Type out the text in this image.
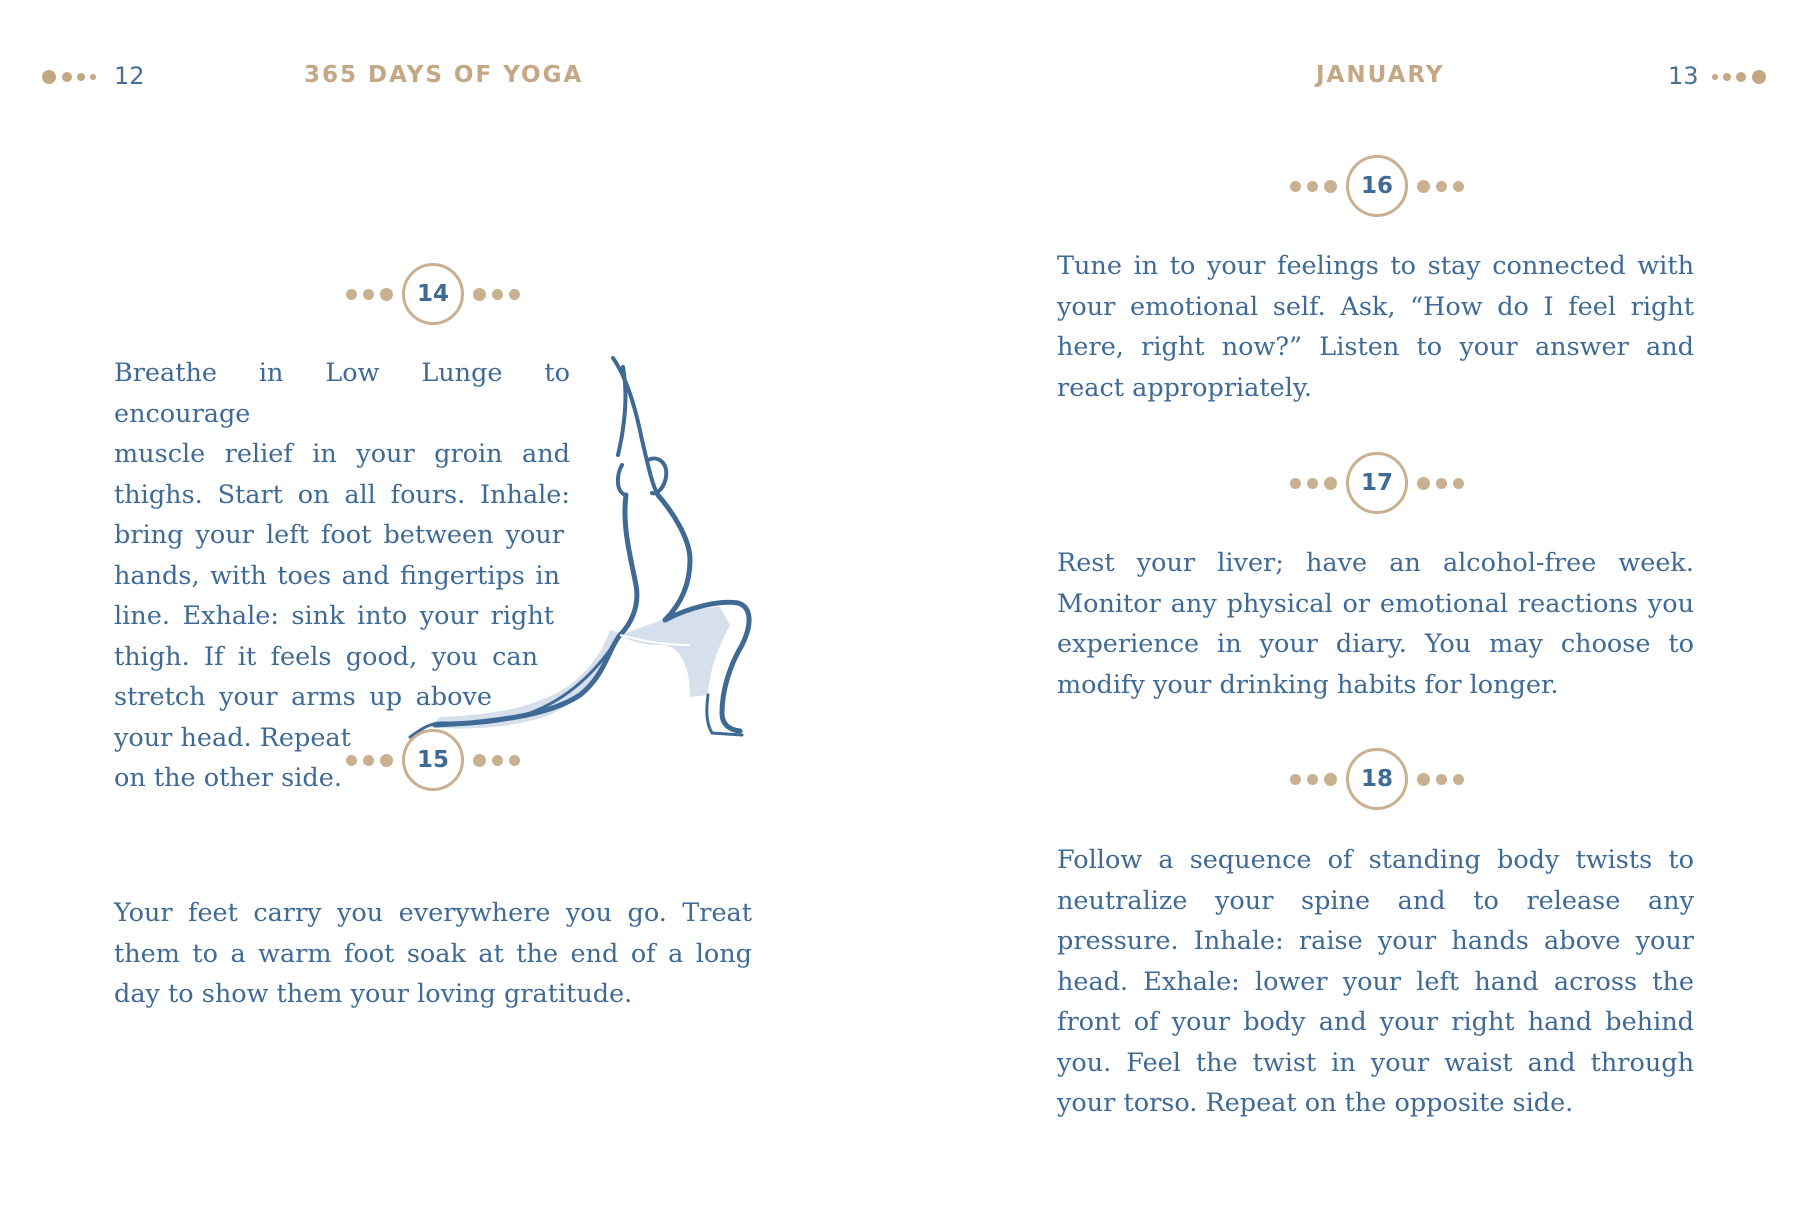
12	365 DAYS OF YOGA
14

Breathe in Low Lunge to encourage
muscle relief in your groin and
thighs. Start on all fours. Inhale:
bring your left foot between your
hands, with toes and fingertips in
line. Exhale: sink into your right
thigh. If it feels good, you can
stretch your arms up above
your head. Repeat
on the other side.

15

Your feet carry you everywhere you go. Treat them to a warm foot soak at the end of a long day to show them your loving gratitude.

JANUARY	13
16

Tune in to your feelings to stay connected with your emotional self. Ask, “How do I feel right here, right now?” Listen to your answer and react appropriately.

17

Rest your liver; have an alcohol-free week. Monitor any physical or emotional reactions you experience in your diary. You may choose to modify your drinking habits for longer.

18

Follow a sequence of standing body twists to neutralize your spine and to release any pressure. Inhale: raise your hands above your head. Exhale: lower your left hand across the front of your body and your right hand behind you. Feel the twist in your waist and through your torso. Repeat on the opposite side.
